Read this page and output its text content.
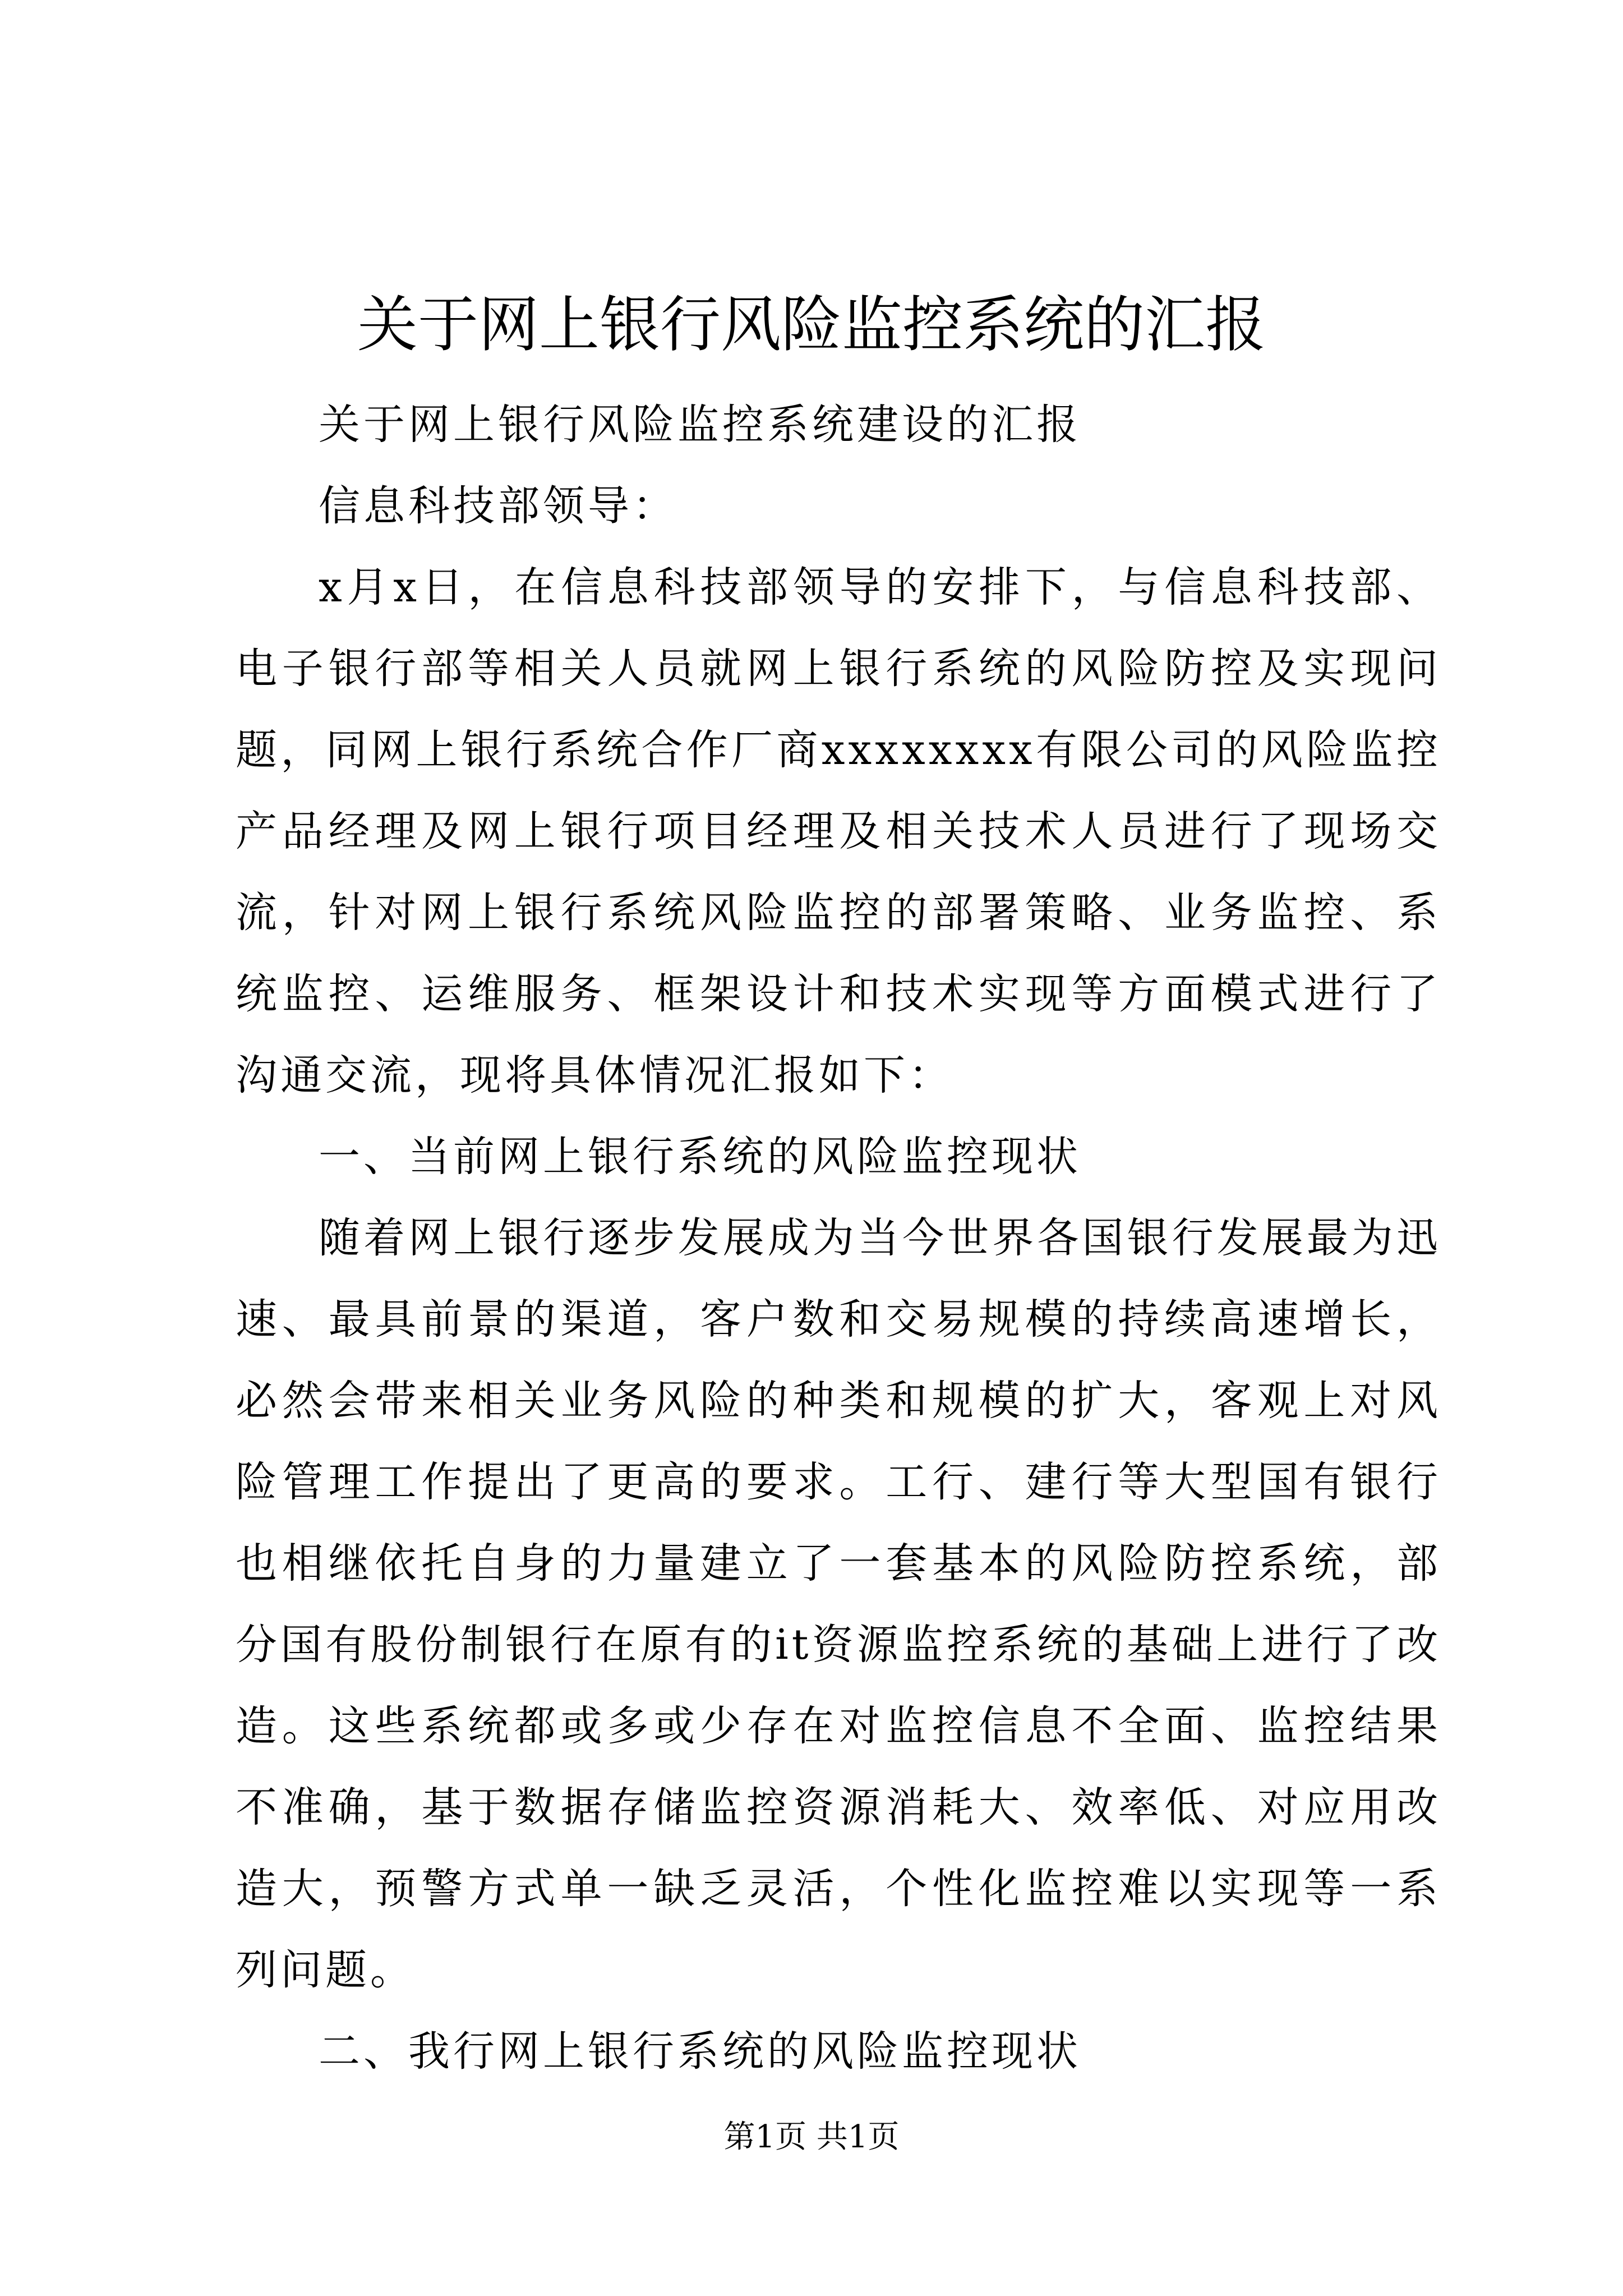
关于网上银行风险监控系统的汇报

关于网上银行风险监控系统建设的汇报

信息科技部领导：

x月x日，在信息科技部领导的安排下，与信息科技部、电子银行部等相关人员就网上银行系统的风险防控及实现问题，同网上银行系统合作厂商xxxxxxxx有限公司的风险监控产品经理及网上银行项目经理及相关技术人员进行了现场交流，针对网上银行系统风险监控的部署策略、业务监控、系统监控、运维服务、框架设计和技术实现等方面模式进行了沟通交流，现将具体情况汇报如下：

一、当前网上银行系统的风险监控现状

随着网上银行逐步发展成为当今世界各国银行发展最为迅速、最具前景的渠道，客户数和交易规模的持续高速增长，必然会带来相关业务风险的种类和规模的扩大，客观上对风险管理工作提出了更高的要求。工行、建行等大型国有银行也相继依托自身的力量建立了一套基本的风险防控系统，部分国有股份制银行在原有的it资源监控系统的基础上进行了改造。这些系统都或多或少存在对监控信息不全面、监控结果不准确，基于数据存储监控资源消耗大、效率低、对应用改造大，预警方式单一缺乏灵活，个性化监控难以实现等一系列问题。

二、我行网上银行系统的风险监控现状

第1页 共1页
